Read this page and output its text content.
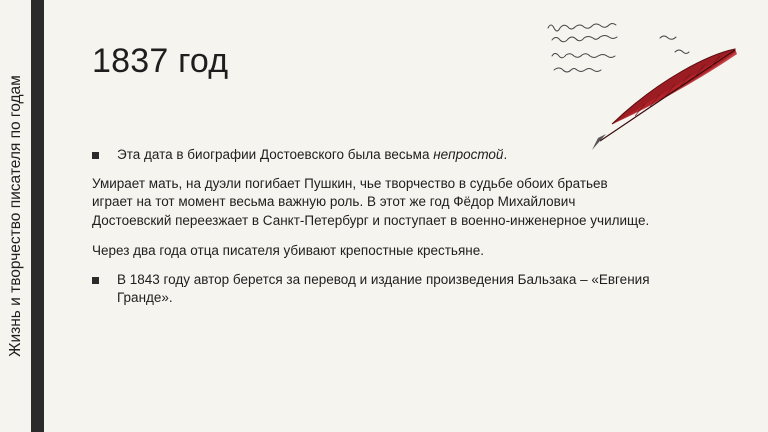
Жизнь и творчество писателя по годам
1837 год

Эта дата в биографии Достоевского была весьма непростой.

Умирает мать, на дуэли погибает Пушкин, чье творчество в судьбе обоих братьев играет на тот момент весьма важную роль. В этот же год Фёдор Михайлович Достоевский переезжает в Санкт-Петербург и поступает в военно-инженерное училище.

Через два года отца писателя убивают крепостные крестьяне.

В 1843 году автор берется за перевод и издание произведения Бальзака – «Евгения Гранде».
